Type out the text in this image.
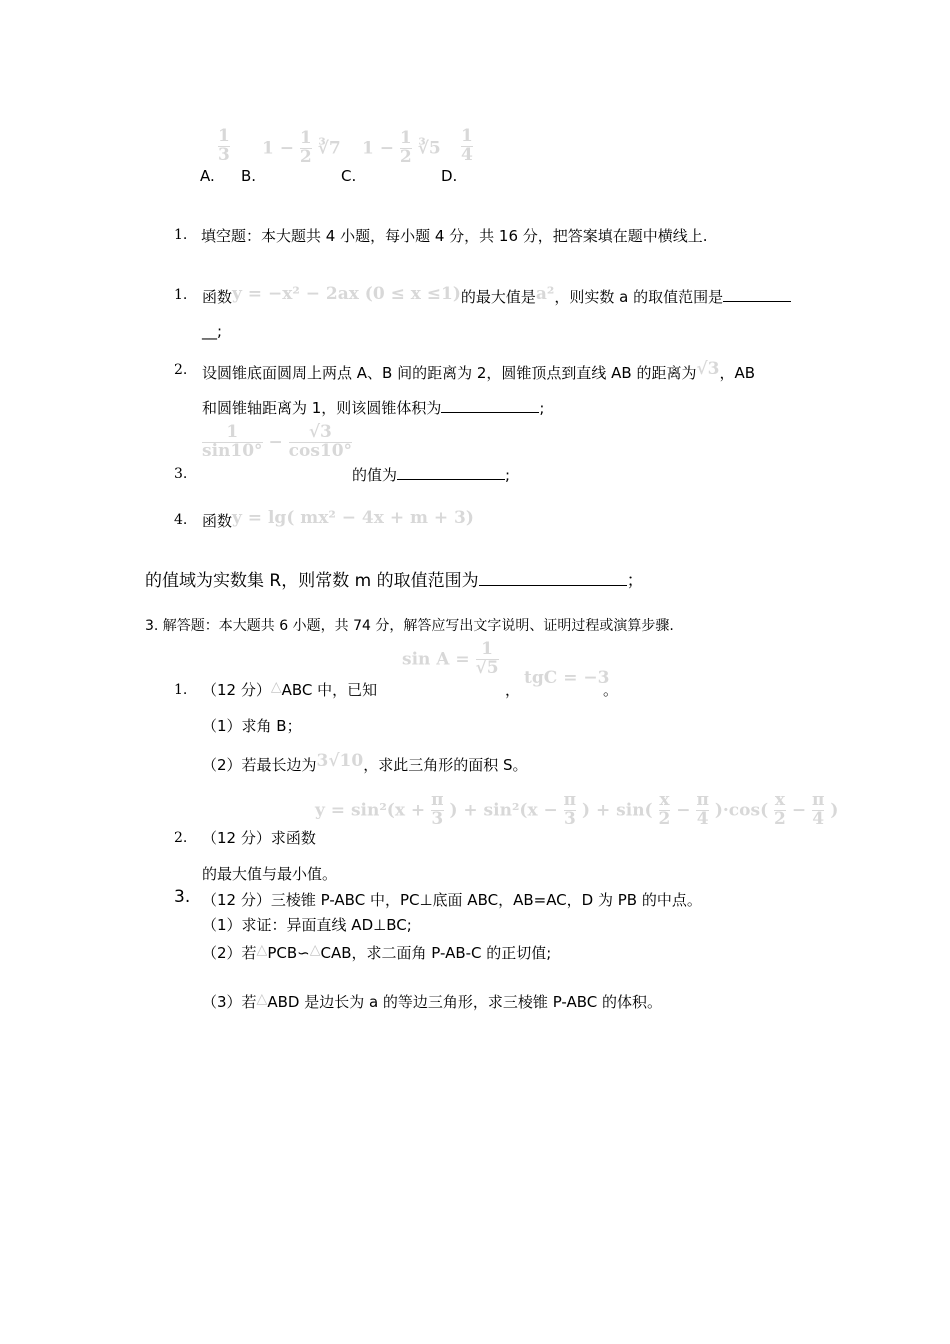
A.
1
3
B.
$1 - \frac{1}{2}$ ∛7
C.
$1 - \frac{1}{2}$ ∛5
D.
1
4
1. 填空题：本大题共 4 小题，每小题 4 分，共 16 分，把答案填在题中横线上.
1. 函数y = −x² − 2ax (0 ≤ x ≤1)的最大值是a²，则实数 a 的取值范围是
__;
2. 设圆锥底面圆周上两点 A、B 间的距离为 2，圆锥顶点到直线 AB 的距离为√3，AB
和圆锥轴距离为 1，则该圆锥体积为	;
3.
$\frac{1}{\sin 10^\circ} - \frac{√3}{\cos 10^\circ}$
的值为	;
4. 函数y = lg( mx² − 4x + m + 3)
的值域为实数集 R，则常数 m 的取值范围为	；
3. 解答题：本大题共 6 小题，共 74 分，解答应写出文字说明、证明过程或演算步骤.
1. （12 分）△ABC 中，已知
$\sin A = \frac{1}{√5}$
，
tgC = −3
。
（1）求角 B；
（2）若最长边为3√10，求此三角形的面积 S。
2. （12 分）求函数
$y = \sin^2(x + \frac{\pi}{3}$ ) + $\sin^2(x - \frac{\pi}{3}$ ) + $\sin( \frac{x}{2} - \frac{\pi}{4} )\cdot\cos( \frac{x}{2} - \frac{\pi}{4}$ )
的最大值与最小值。
3. （12 分）三棱锥 P-ABC 中，PC⊥底面 ABC，AB=AC，D 为 PB 的中点。
（1）求证：异面直线 AD⊥BC;
（2）若△PCB∽△CAB，求二面角 P-AB-C 的正切值;
（3）若△ABD 是边长为 a 的等边三角形，求三棱锥 P-ABC 的体积。
